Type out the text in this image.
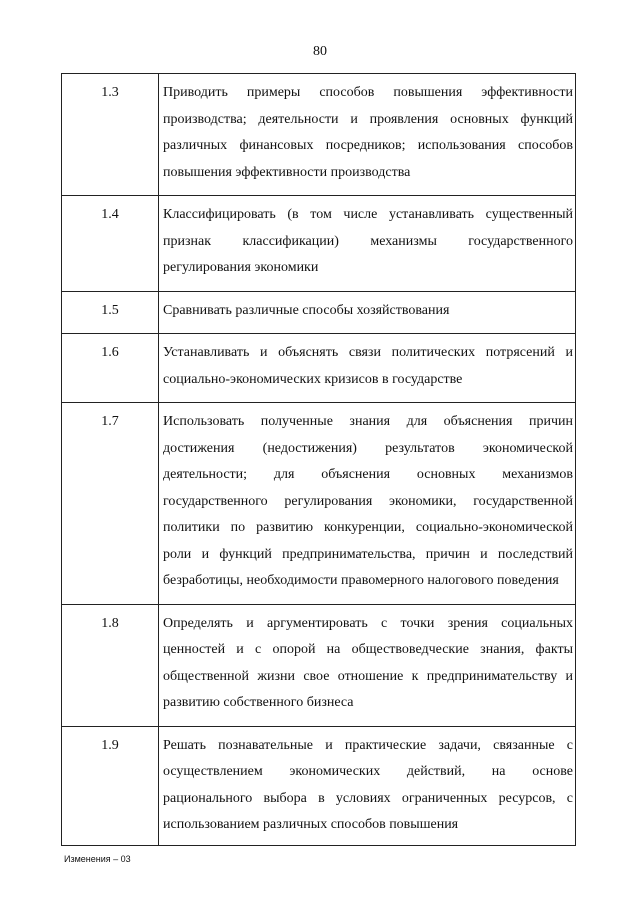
80
1.3	Приводить примеры способов повышения эффективности производства; деятельности и проявления основных функций различных финансовых посредников; использования способов повышения эффективности производства
1.4	Классифицировать (в том числе устанавливать существенный признак классификации) механизмы государственного регулирования экономики
1.5	Сравнивать различные способы хозяйствования
1.6	Устанавливать и объяснять связи политических потрясений и социально-экономических кризисов в государстве
1.7	Использовать полученные знания для объяснения причин достижения (недостижения) результатов экономической деятельности; для объяснения основных механизмов государственного регулирования экономики, государственной политики по развитию конкуренции, социально-экономической роли и функций предпринимательства, причин и последствий безработицы, необходимости правомерного налогового поведения
1.8	Определять и аргументировать с точки зрения социальных ценностей и с опорой на обществоведческие знания, факты общественной жизни свое отношение к предпринимательству и развитию собственного бизнеса
1.9	Решать познавательные и практические задачи, связанные с осуществлением экономических действий, на основе рационального выбора в условиях ограниченных ресурсов, с использованием различных способов повышения
Изменения – 03
